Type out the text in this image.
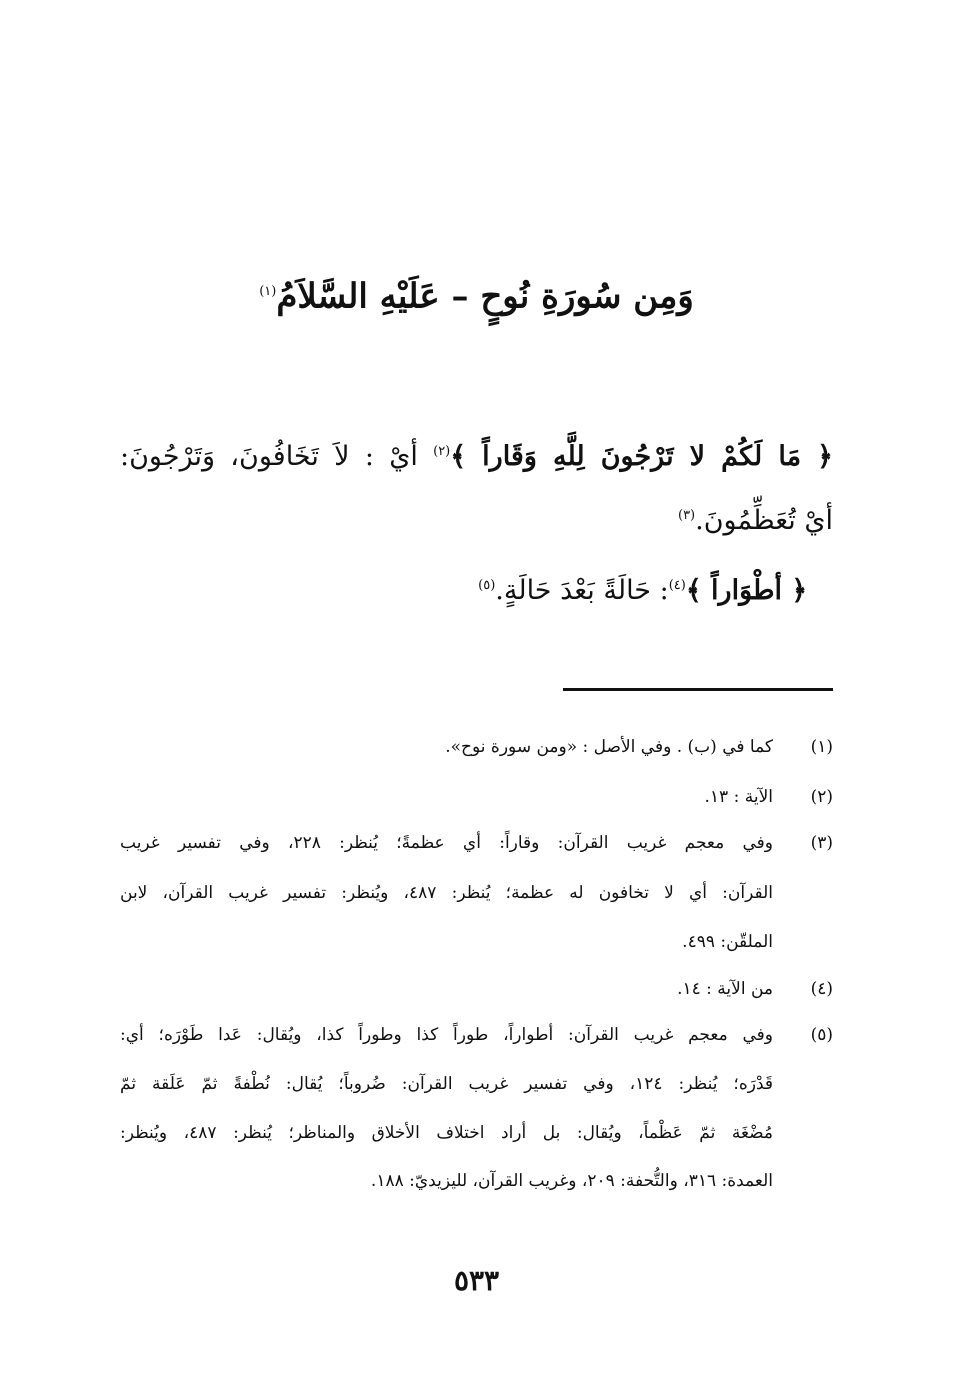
وَمِن سُورَةِ نُوحٍ – عَلَيْهِ السَّلاَمُ$^{(١)}$
﴿ مَا لَكُمْ لا تَرْجُونَ لِلَّهِ وَقَاراً ﴾$^{(٢)}$ أيْ : لاَ تَخَافُونَ، وَتَرْجُونَ:
أيْ تُعَظِّمُونَ.$^{(٣)}$
﴿ أطْوَاراً ﴾$^{(٤)}$: حَالَةً بَعْدَ حَالَةٍ.$^{(٥)}$
(١)
كما في (ب) . وفي الأصل : «ومن سورة نوح».
(٢)
الآية : ١٣.
(٣)
وفي معجم غريب القرآن: وقاراً: أي عظمةً؛ يُنظر: ٢٢٨، وفي تفسير غريب
القرآن: أي لا تخافون له عظمة؛ يُنظر: ٤٨٧، ويُنظر: تفسير غريب القرآن، لابن
الملقّن: ٤٩٩.
(٤)
من الآية : ١٤.
(٥)
وفي معجم غريب القرآن: أطواراً، طوراً كذا وطوراً كذا، ويُقال: عَدا طَوْرَه؛ أي:
قَدْرَه؛ يُنظر: ١٢٤، وفي تفسير غريب القرآن: ضُروباً؛ يُقال: نُطْفةً ثمّ عَلَقة ثمّ
مُضْغَة ثمّ عَظْماً، ويُقال: بل أراد اختلاف الأخلاق والمناظر؛ يُنظر: ٤٨٧، ويُنظر:
العمدة: ٣١٦، والتُّحفة: ٢٠٩، وغريب القرآن، لليزيديّ: ١٨٨.
٥٣٣
